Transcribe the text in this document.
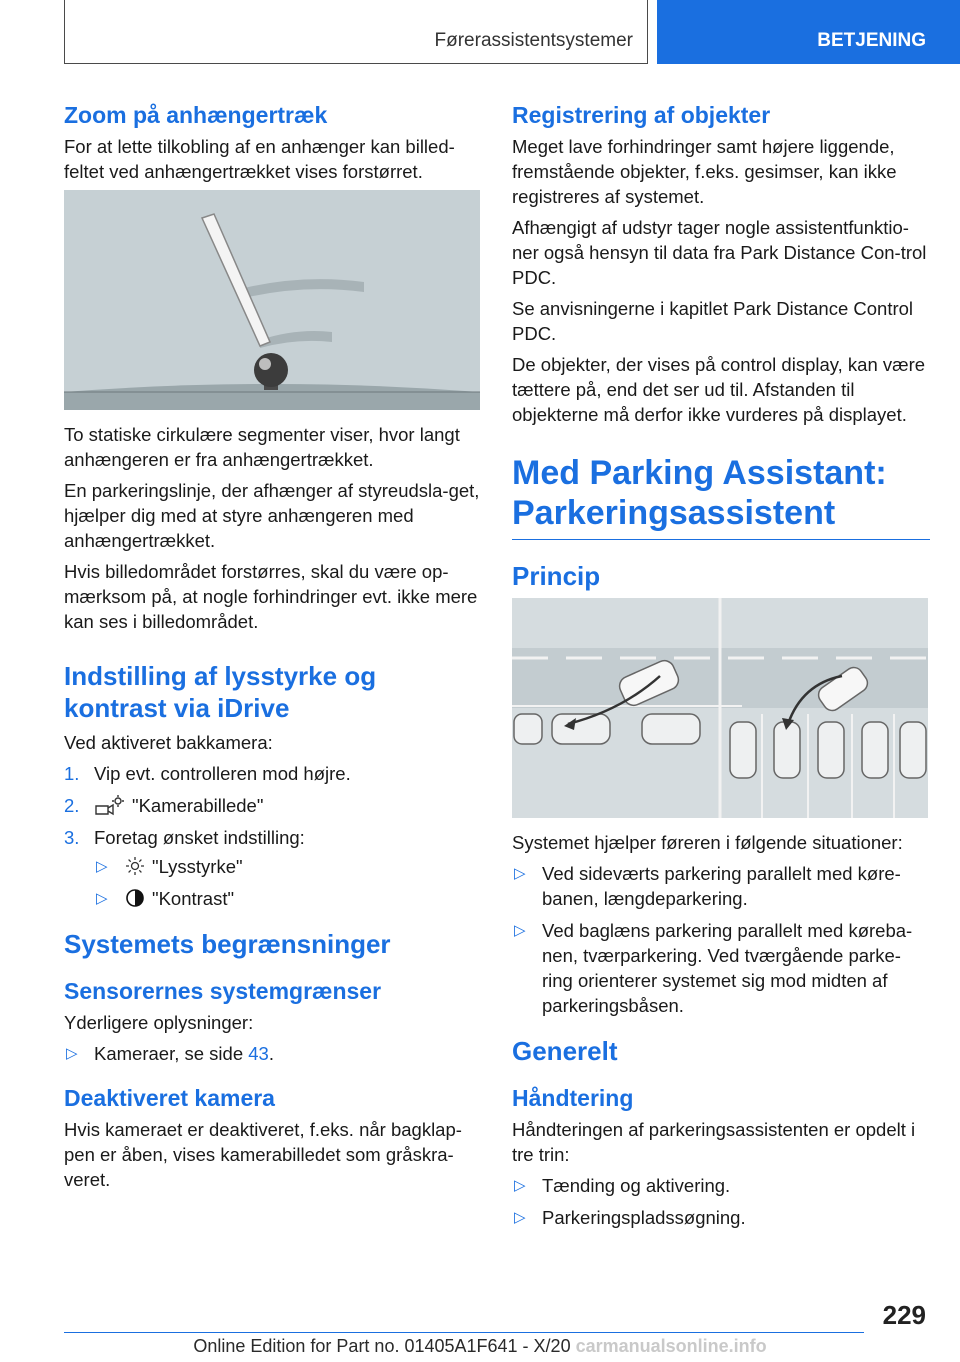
Førerassistentsystemer	BETJENING
Zoom på anhængertræk

For at lette tilkobling af en anhænger kan billed-feltet ved anhængertrækket vises forstørret.

To statiske cirkulære segmenter viser, hvor langt anhængeren er fra anhængertrækket.

En parkeringslinje, der afhænger af styreudsla-get, hjælper dig med at styre anhængeren med anhængertrækket.

Hvis billedområdet forstørres, skal du være op-mærksom på, at nogle forhindringer evt. ikke mere kan ses i billedområdet.

Indstilling af lysstyrke og kontrast via iDrive

Ved aktiveret bakkamera:

1. Vip evt. controlleren mod højre.
2.	"Kamerabillede"
3. Foretag ønsket indstilling:
▷ "Lysstyrke"
▷ "Kontrast"
Systemets begrænsninger
Sensorernes systemgrænser

Yderligere oplysninger:

▷ Kameraer, se side 43.
Deaktiveret kamera

Hvis kameraet er deaktiveret, f.eks. når bagklap-pen er åben, vises kamerabilledet som gråskra-veret.

Registrering af objekter

Meget lave forhindringer samt højere liggende, fremstående objekter, f.eks. gesimser, kan ikke registreres af systemet.

Afhængigt af udstyr tager nogle assistentfunktio-ner også hensyn til data fra Park Distance Con-trol PDC.

Se anvisningerne i kapitlet Park Distance Control PDC.

De objekter, der vises på control display, kan være tættere på, end det ser ud til. Afstanden til objekterne må derfor ikke vurderes på displayet.

Med Parking Assistant: Parkeringsassistent
Princip

Systemet hjælper føreren i følgende situationer:

▷ Ved sideværts parkering parallelt med køre-banen, længdeparkering.
▷ Ved baglæns parkering parallelt med køreba-nen, tværparkering. Ved tværgående parke-ring orienterer systemet sig mod midten af parkeringsbåsen.
Generelt
Håndtering

Håndteringen af parkeringsassistenten er opdelt i tre trin:

▷ Tænding og aktivering.
▷ Parkeringspladssøgning.
229
Online Edition for Part no. 01405A1F641 - X/20 carmanualsonline.info
